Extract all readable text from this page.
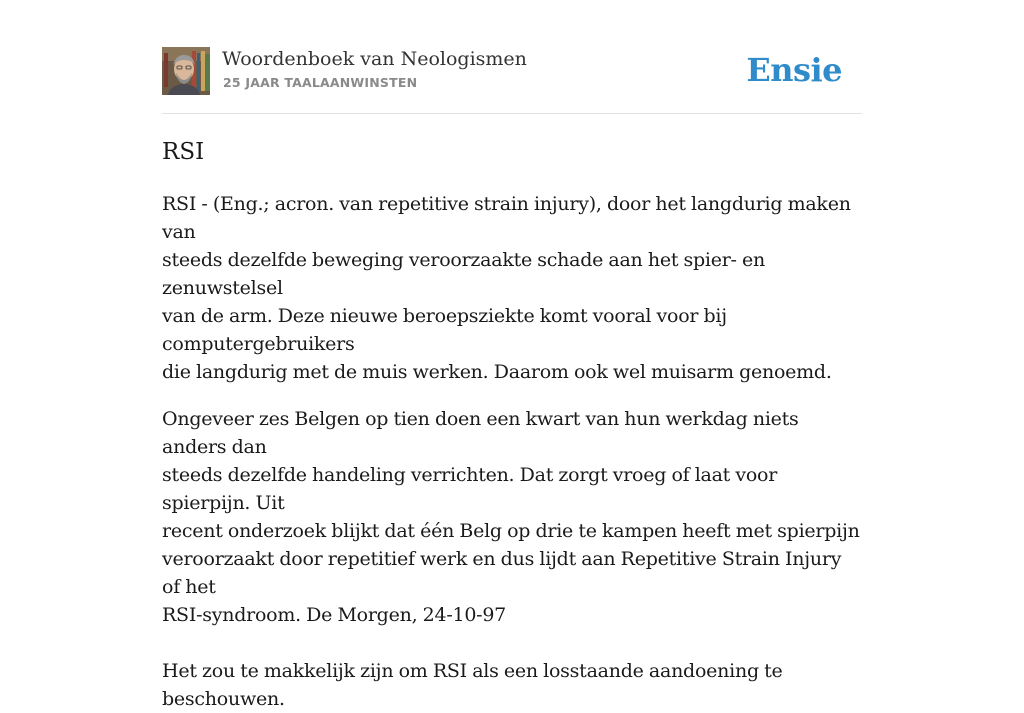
Woordenboek van Neologismen
25 JAAR TAALAANWINSTEN	Ensie
RSI

RSI - (Eng.; acron. van repetitive strain injury), door het langdurig maken van
steeds dezelfde beweging veroorzaakte schade aan het spier- en zenuwstelsel
van de arm. Deze nieuwe beroepsziekte komt vooral voor bij computergebruikers
die langdurig met de muis werken. Daarom ook wel muisarm genoemd.

Ongeveer zes Belgen op tien doen een kwart van hun werkdag niets anders dan
steeds dezelfde handeling verrichten. Dat zorgt vroeg of laat voor spierpijn. Uit
recent onderzoek blijkt dat één Belg op drie te kampen heeft met spierpijn
veroorzaakt door repetitief werk en dus lijdt aan Repetitive Strain Injury of het
RSI-syndroom. De Morgen, 24-10-97

Het zou te makkelijk zijn om RSI als een losstaande aandoening te beschouwen.
